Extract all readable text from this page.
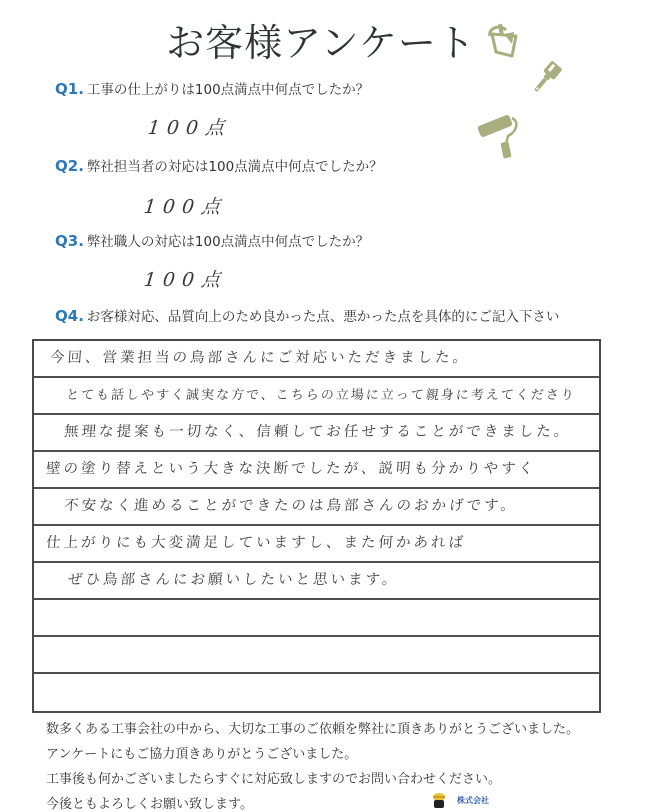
お客様アンケート
Q1. 工事の仕上がりは100点満点中何点でしたか？
100点
Q2. 弊社担当者の対応は100点満点中何点でしたか？
100点
Q3. 弊社職人の対応は100点満点中何点でしたか？
100点
Q4. お客様対応、品質向上のため良かった点、悪かった点を具体的にご記入下さい
今回、営業担当の鳥部さんにご対応いただきました。
とても話しやすく誠実な方で、こちらの立場に立って親身に考えてくださり
無理な提案も一切なく、信頼してお任せすることができました。
壁の塗り替えという大きな決断でしたが、説明も分かりやすく
不安なく進めることができたのは鳥部さんのおかげです。
仕上がりにも大変満足していますし、また何かあれば
ぜひ鳥部さんにお願いしたいと思います。
数多くある工事会社の中から、大切な工事のご依頼を弊社に頂きありがとうございました。
アンケートにもご協力頂きありがとうございました。
工事後も何かございましたらすぐに対応致しますのでお問い合わせください。
今後ともよろしくお願い致します。	株式会社
